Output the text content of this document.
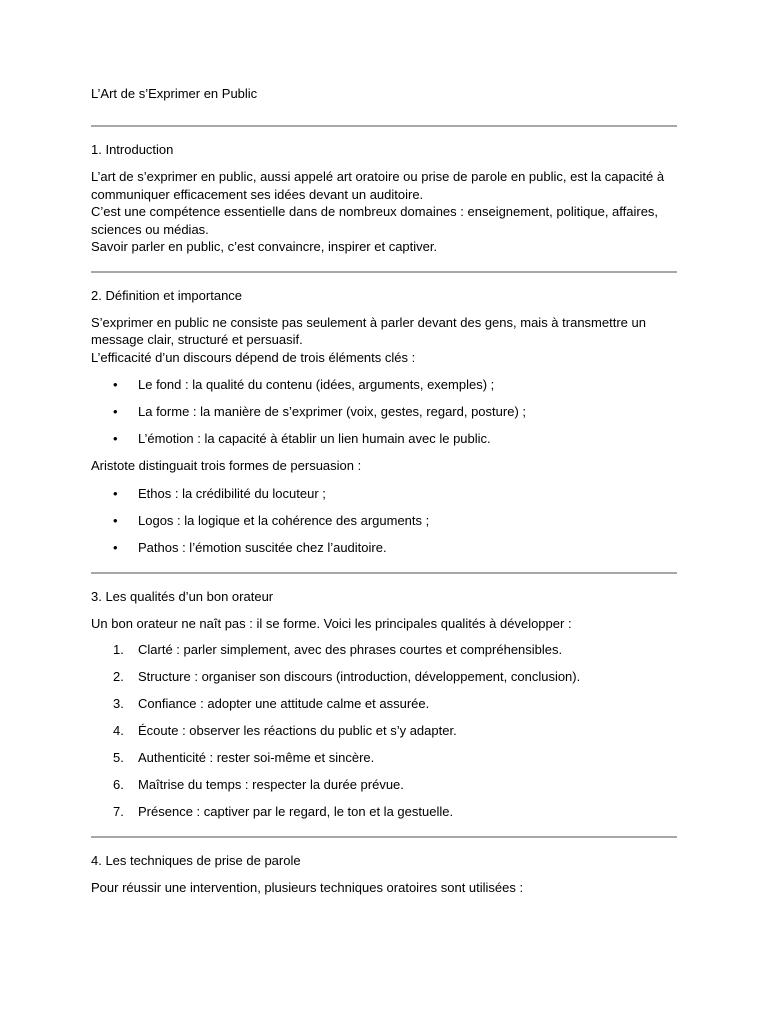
L’Art de s’Exprimer en Public

1. Introduction

L’art de s’exprimer en public, aussi appelé art oratoire ou prise de parole en public, est la capacité à communiquer efficacement ses idées devant un auditoire.

C’est une compétence essentielle dans de nombreux domaines : enseignement, politique, affaires, sciences ou médias.

Savoir parler en public, c’est convaincre, inspirer et captiver.

2. Définition et importance

S’exprimer en public ne consiste pas seulement à parler devant des gens, mais à transmettre un message clair, structuré et persuasif.

L’efficacité d’un discours dépend de trois éléments clés :

• Le fond : la qualité du contenu (idées, arguments, exemples) ;
• La forme : la manière de s’exprimer (voix, gestes, regard, posture) ;
• L’émotion : la capacité à établir un lien humain avec le public.

Aristote distinguait trois formes de persuasion :

• Ethos : la crédibilité du locuteur ;
• Logos : la logique et la cohérence des arguments ;
• Pathos : l’émotion suscitée chez l’auditoire.

3. Les qualités d’un bon orateur

Un bon orateur ne naît pas : il se forme. Voici les principales qualités à développer :

1. Clarté : parler simplement, avec des phrases courtes et compréhensibles.
2. Structure : organiser son discours (introduction, développement, conclusion).
3. Confiance : adopter une attitude calme et assurée.
4. Écoute : observer les réactions du public et s’y adapter.
5. Authenticité : rester soi-même et sincère.
6. Maîtrise du temps : respecter la durée prévue.
7. Présence : captiver par le regard, le ton et la gestuelle.

4. Les techniques de prise de parole

Pour réussir une intervention, plusieurs techniques oratoires sont utilisées :
